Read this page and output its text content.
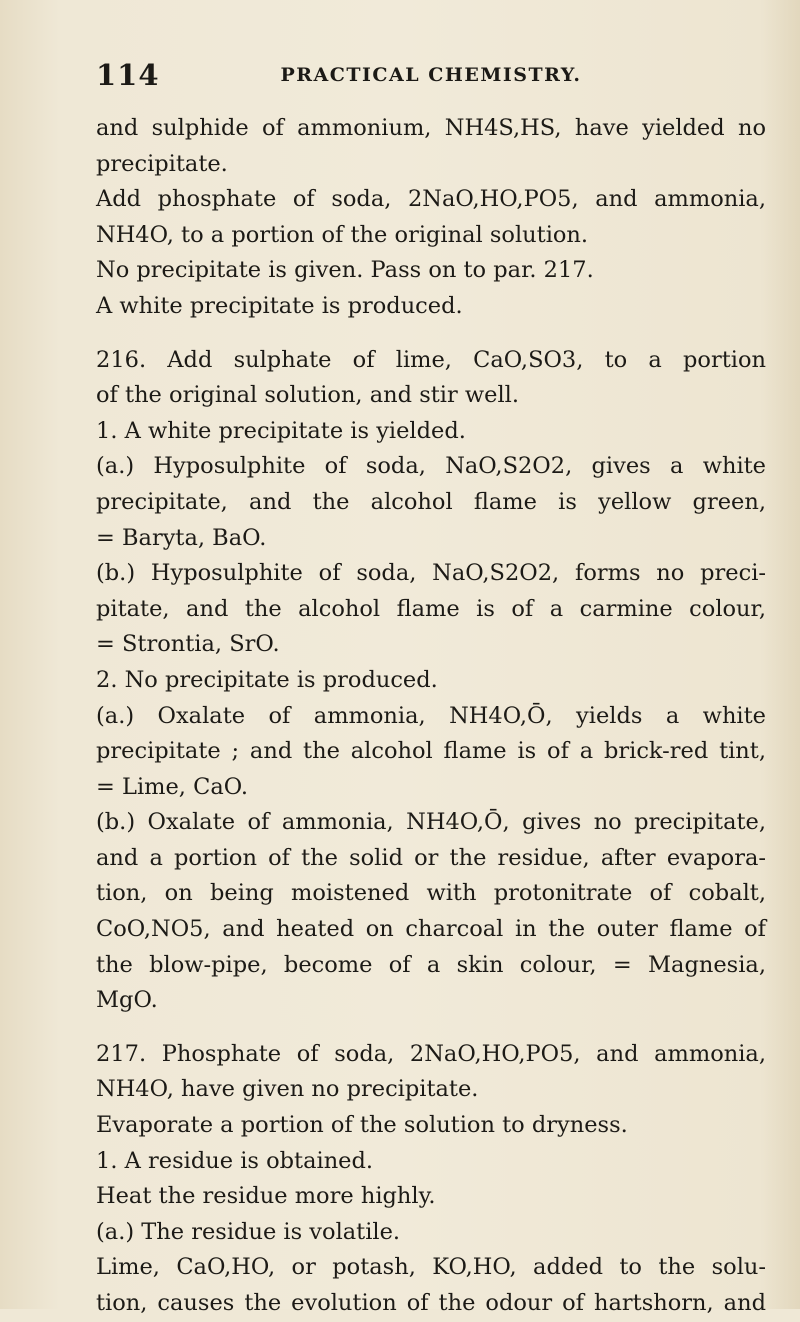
114	PRACTICAL CHEMISTRY.

and sulphide of ammonium, NH4S,HS, have yielded no

precipitate.

Add phosphate of soda, 2NaO,HO,PO5, and ammonia,

NH4O, to a portion of the original solution.

No precipitate is given. Pass on to par. 217.

A white precipitate is produced.

216. Add sulphate of lime, CaO,SO3, to a portion

of the original solution, and stir well.

1. A white precipitate is yielded.

(a.) Hyposulphite of soda, NaO,S2O2, gives a white

precipitate, and the alcohol flame is yellow green,

= Baryta, BaO.

(b.) Hyposulphite of soda, NaO,S2O2, forms no preci-

pitate, and the alcohol flame is of a carmine colour,

= Strontia, SrO.

2. No precipitate is produced.

(a.) Oxalate of ammonia, NH4O,Ō, yields a white

precipitate ; and the alcohol flame is of a brick-red tint,

= Lime, CaO.

(b.) Oxalate of ammonia, NH4O,Ō, gives no precipitate,

and a portion of the solid or the residue, after evapora-

tion, on being moistened with protonitrate of cobalt,

CoO,NO5, and heated on charcoal in the outer flame of

the blow-pipe, become of a skin colour, = Magnesia,

MgO.

217. Phosphate of soda, 2NaO,HO,PO5, and ammonia,

NH4O, have given no precipitate.

Evaporate a portion of the solution to dryness.

1. A residue is obtained.

Heat the residue more highly.

(a.) The residue is volatile.

Lime, CaO,HO, or potash, KO,HO, added to the solu-

tion, causes the evolution of the odour of hartshorn, and
